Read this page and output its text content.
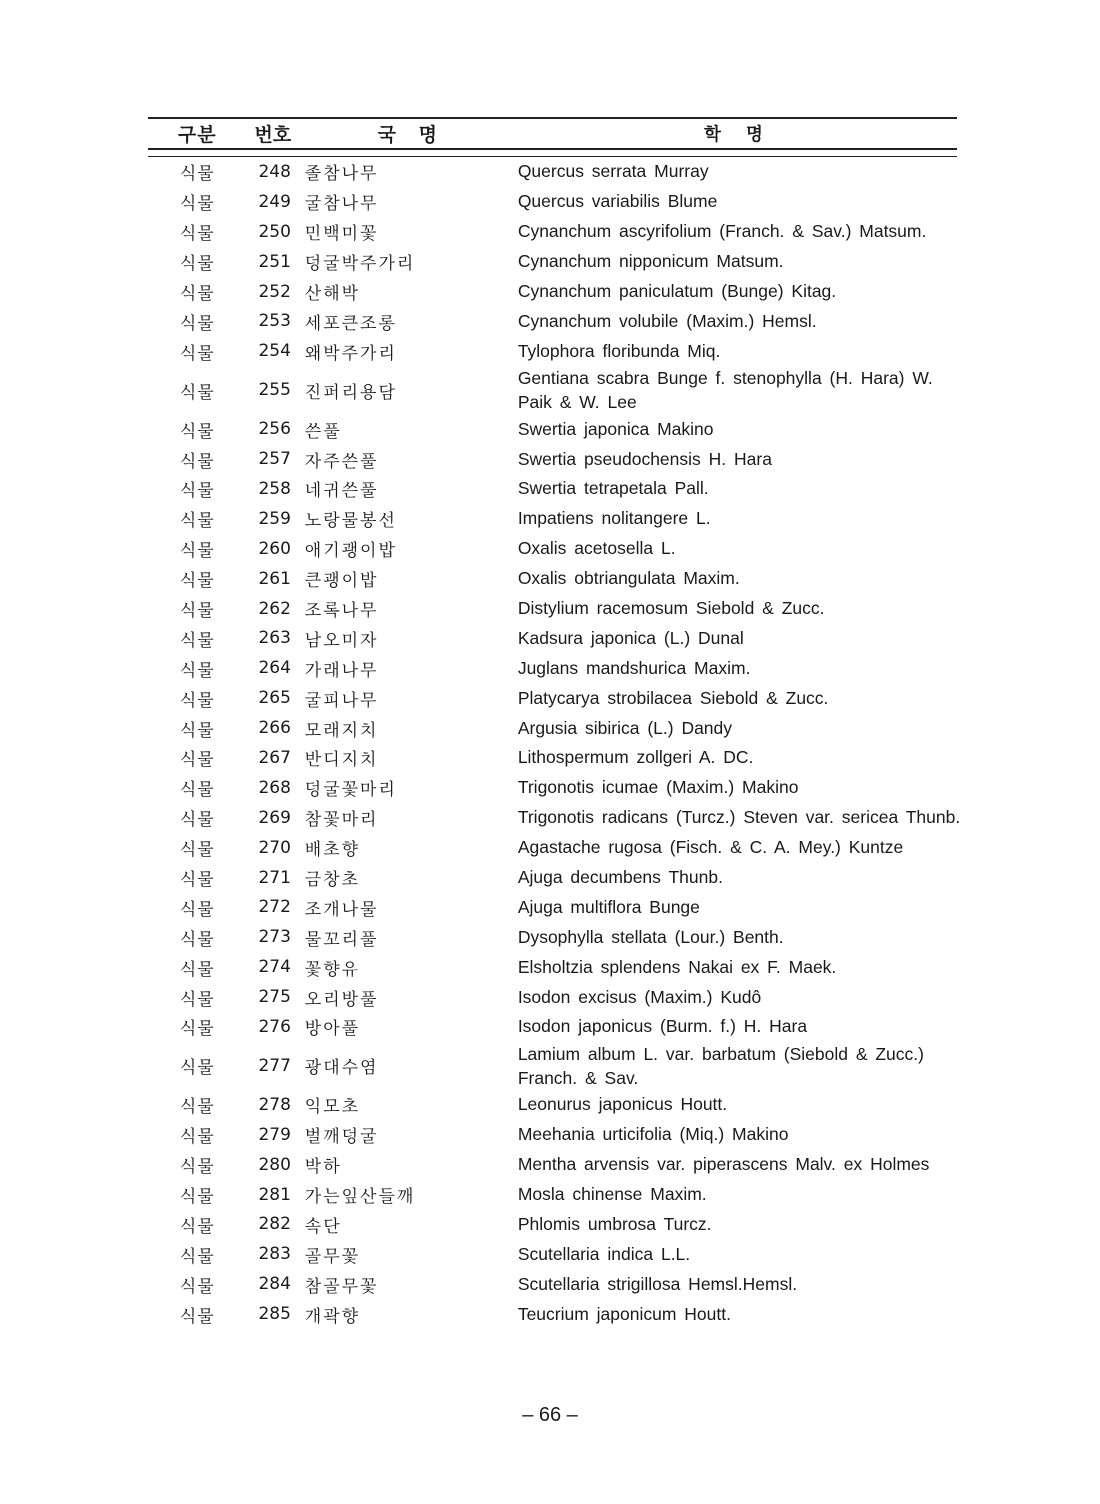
구분	번호	국 명	학 명

식물	248	졸참나무	Quercus serrata Murray
식물	249	굴참나무	Quercus variabilis Blume
식물	250	민백미꽃	Cynanchum ascyrifolium (Franch. & Sav.) Matsum.
식물	251	덩굴박주가리	Cynanchum nipponicum Matsum.
식물	252	산해박	Cynanchum paniculatum (Bunge) Kitag.
식물	253	세포큰조롱	Cynanchum volubile (Maxim.) Hemsl.
식물	254	왜박주가리	Tylophora floribunda Miq.
식물	255	진퍼리용담	Gentiana scabra Bunge f. stenophylla (H. Hara) W. Paik & W. Lee
식물	256	쓴풀	Swertia japonica Makino
식물	257	자주쓴풀	Swertia pseudochensis H. Hara
식물	258	네귀쓴풀	Swertia tetrapetala Pall.
식물	259	노랑물봉선	Impatiens nolitangere L.
식물	260	애기괭이밥	Oxalis acetosella L.
식물	261	큰괭이밥	Oxalis obtriangulata Maxim.
식물	262	조록나무	Distylium racemosum Siebold & Zucc.
식물	263	남오미자	Kadsura japonica (L.) Dunal
식물	264	가래나무	Juglans mandshurica Maxim.
식물	265	굴피나무	Platycarya strobilacea Siebold & Zucc.
식물	266	모래지치	Argusia sibirica (L.) Dandy
식물	267	반디지치	Lithospermum zollgeri A. DC.
식물	268	덩굴꽃마리	Trigonotis icumae (Maxim.) Makino
식물	269	참꽃마리	Trigonotis radicans (Turcz.) Steven var. sericea Thunb.
식물	270	배초향	Agastache rugosa (Fisch. & C. A. Mey.) Kuntze
식물	271	금창초	Ajuga decumbens Thunb.
식물	272	조개나물	Ajuga multiflora Bunge
식물	273	물꼬리풀	Dysophylla stellata (Lour.) Benth.
식물	274	꽃향유	Elsholtzia splendens Nakai ex F. Maek.
식물	275	오리방풀	Isodon excisus (Maxim.) Kudô
식물	276	방아풀	Isodon japonicus (Burm. f.) H. Hara
식물	277	광대수염	Lamium album L. var. barbatum (Siebold & Zucc.) Franch. & Sav.
식물	278	익모초	Leonurus japonicus Houtt.
식물	279	벌깨덩굴	Meehania urticifolia (Miq.) Makino
식물	280	박하	Mentha arvensis var. piperascens Malv. ex Holmes
식물	281	가는잎산들깨	Mosla chinense Maxim.
식물	282	속단	Phlomis umbrosa Turcz.
식물	283	골무꽃	Scutellaria indica L.L.
식물	284	참골무꽃	Scutellaria strigillosa Hemsl.Hemsl.
식물	285	개곽향	Teucrium japonicum Houtt.
– 66 –
